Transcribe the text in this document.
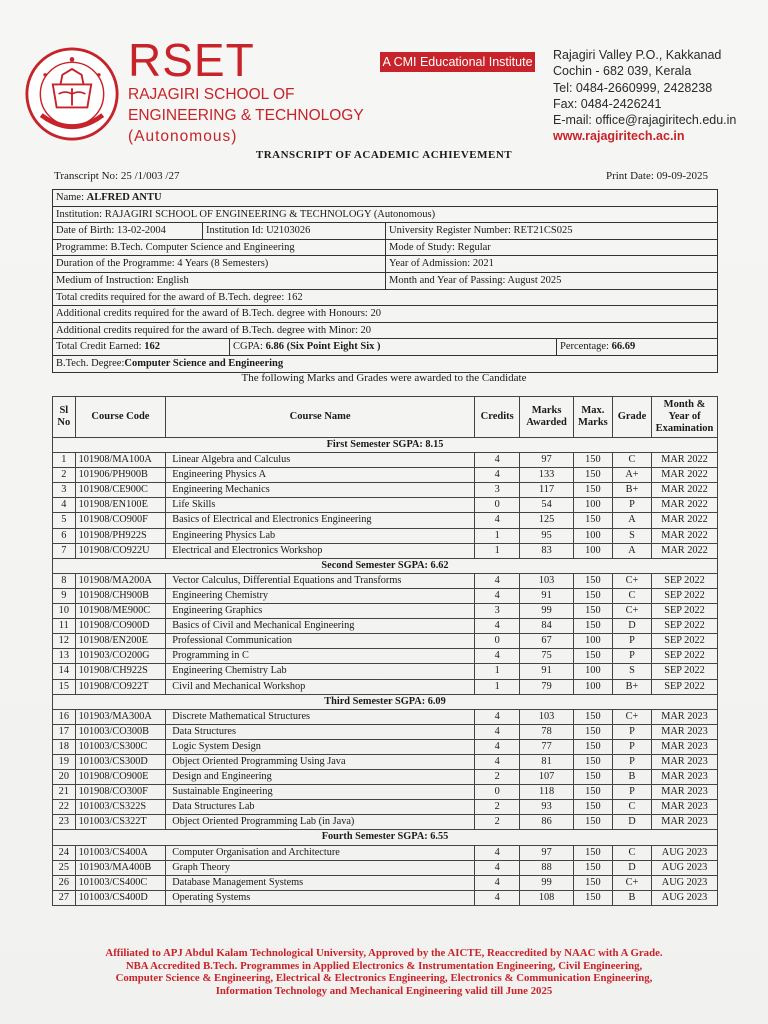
RSET
RAJAGIRI SCHOOL OF
ENGINEERING & TECHNOLOGY
(Autonomous)
A CMI Educational Institute Rajagiri Valley P.O., Kakkanad
Cochin - 682 039, Kerala
Tel: 0484-2660999, 2428238
Fax: 0484-2426241
E-mail: office@rajagiritech.edu.in
www.rajagiritech.ac.in
TRANSCRIPT OF ACADEMIC ACHIEVEMENT
Transcript No: 25 /1/003 /27	Print Date: 09-09-2025
Name: ALFRED ANTU
Institution: RAJAGIRI SCHOOL OF ENGINEERING & TECHNOLOGY (Autonomous)
Date of Birth: 13-02-2004	Institution Id: U2103026	University Register Number: RET21CS025
Programme: B.Tech. Computer Science and Engineering	Mode of Study: Regular
Duration of the Programme: 4 Years (8 Semesters)	Year of Admission: 2021
Medium of Instruction: English	Month and Year of Passing: August 2025
Total credits required for the award of B.Tech. degree: 162
Additional credits required for the award of B.Tech. degree with Honours: 20
Additional credits required for the award of B.Tech. degree with Minor: 20
Total Credit Earned: 162	CGPA: 6.86 (Six Point Eight Six )	Percentage: 66.69
B.Tech. Degree:Computer Science and Engineering
The following Marks and Grades were awarded to the Candidate
Sl No	Course Code	Course Name	Credits	Marks Awarded	Max. Marks	Grade	Month & Year of Examination
First Semester SGPA: 8.15							
1	101908/MA100A	Linear Algebra and Calculus	4	97	150	C	MAR 2022
2	101906/PH900B	Engineering Physics A	4	133	150	A+	MAR 2022
3	101908/CE900C	Engineering Mechanics	3	117	150	B+	MAR 2022
4	101908/EN100E	Life Skills	0	54	100	P	MAR 2022
5	101908/CO900F	Basics of Electrical and Electronics Engineering	4	125	150	A	MAR 2022
6	101908/PH922S	Engineering Physics Lab	1	95	100	S	MAR 2022
7	101908/CO922U	Electrical and Electronics Workshop	1	83	100	A	MAR 2022
Second Semester SGPA: 6.62							
8	101908/MA200A	Vector Calculus, Differential Equations and Transforms	4	103	150	C+	SEP 2022
9	101908/CH900B	Engineering Chemistry	4	91	150	C	SEP 2022
10	101908/ME900C	Engineering Graphics	3	99	150	C+	SEP 2022
11	101908/CO900D	Basics of Civil and Mechanical Engineering	4	84	150	D	SEP 2022
12	101908/EN200E	Professional Communication	0	67	100	P	SEP 2022
13	101903/CO200G	Programming in C	4	75	150	P	SEP 2022
14	101908/CH922S	Engineering Chemistry Lab	1	91	100	S	SEP 2022
15	101908/CO922T	Civil and Mechanical Workshop	1	79	100	B+	SEP 2022
Third Semester SGPA: 6.09							
16	101903/MA300A	Discrete Mathematical Structures	4	103	150	C+	MAR 2023
17	101003/CO300B	Data Structures	4	78	150	P	MAR 2023
18	101003/CS300C	Logic System Design	4	77	150	P	MAR 2023
19	101003/CS300D	Object Oriented Programming Using Java	4	81	150	P	MAR 2023
20	101908/CO900E	Design and Engineering	2	107	150	B	MAR 2023
21	101908/CO300F	Sustainable Engineering	0	118	150	P	MAR 2023
22	101003/CS322S	Data Structures Lab	2	93	150	C	MAR 2023
23	101003/CS322T	Object Oriented Programming Lab (in Java)	2	86	150	D	MAR 2023
Fourth Semester SGPA: 6.55							
24	101003/CS400A	Computer Organisation and Architecture	4	97	150	C	AUG 2023
25	101903/MA400B	Graph Theory	4	88	150	D	AUG 2023
26	101003/CS400C	Database Management Systems	4	99	150	C+	AUG 2023
27	101003/CS400D	Operating Systems	4	108	150	B	AUG 2023
Affiliated to APJ Abdul Kalam Technological University, Approved by the AICTE, Reaccredited by NAAC with A Grade.
NBA Accredited B.Tech. Programmes in Applied Electronics & Instrumentation Engineering, Civil Engineering,
Computer Science & Engineering, Electrical & Electronics Engineering, Electronics & Communication Engineering,
Information Technology and Mechanical Engineering valid till June 2025
